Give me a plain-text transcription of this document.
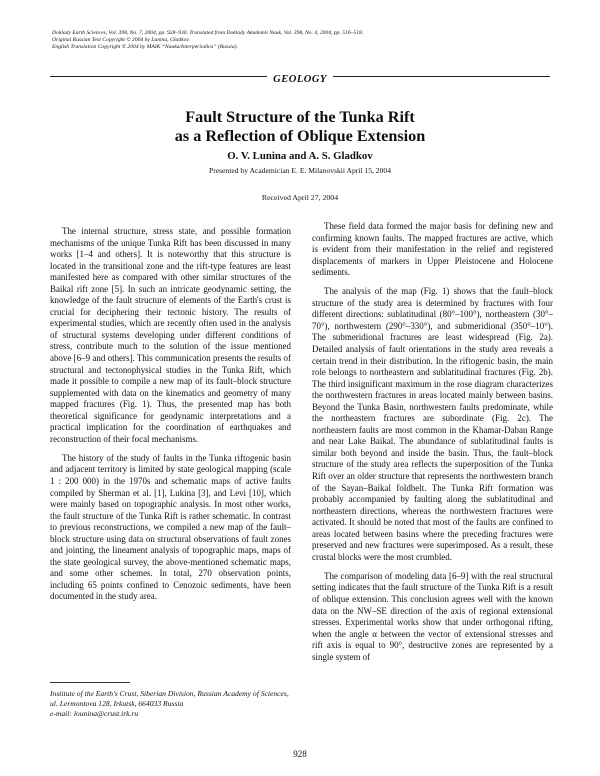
Doklady Earth Sciences, Vol. 398, No. 7, 2004, pp. 928–930. Translated from Doklady Akademii Nauk, Vol. 398, No. 4, 2004, pp. 516–518.
Original Russian Text Copyright © 2004 by Lunina, Gladkov.
English Translation Copyright © 2004 by MAIK “Nauka/Interperiodica” (Russia).
GEOLOGY
Fault Structure of the Tunka Rift
as a Reflection of Oblique Extension
O. V. Lunina and A. S. Gladkov
Presented by Academician E. E. Milanovskii April 15, 2004
Received April 27, 2004

The internal structure, stress state, and possible formation mechanisms of the unique Tunka Rift has been discussed in many works [1–4 and others]. It is noteworthy that this structure is located in the transitional zone and the rift-type features are least manifested here as compared with other similar structures of the Baikal rift zone [5]. In such an intricate geodynamic setting, the knowledge of the fault structure of elements of the Earth's crust is crucial for deciphering their tectonic history. The results of experimental studies, which are recently often used in the analysis of structural systems developing under different conditions of stress, contribute much to the solution of the issue mentioned above [6–9 and others]. This communication presents the results of structural and tectonophysical studies in the Tunka Rift, which made it possible to compile a new map of its fault–block structure supplemented with data on the kinematics and geometry of many mapped fractures (Fig. 1). Thus, the presented map has both theoretical significance for geodynamic interpretations and a practical implication for the coordination of earthquakes and reconstruction of their focal mechanisms.

The history of the study of faults in the Tunka riftogenic basin and adjacent territory is limited by state geological mapping (scale 1 : 200 000) in the 1970s and schematic maps of active faults compiled by Sherman et al. [1], Lukina [3], and Levi [10], which were mainly based on topographic analysis. In most other works, the fault structure of the Tunka Rift is rather schematic. In contrast to previous reconstructions, we compiled a new map of the fault–block structure using data on structural observations of fault zones and jointing, the lineament analysis of topographic maps, maps of the state geological survey, the above-mentioned schematic maps, and some other schemes. In total, 270 observation points, including 65 points confined to Cenozoic sediments, have been documented in the study area.

These field data formed the major basis for defining new and confirming known faults. The mapped fractures are active, which is evident from their manifestation in the relief and registered displacements of markers in Upper Pleistocene and Holocene sediments.

The analysis of the map (Fig. 1) shows that the fault–block structure of the study area is determined by fractures with four different directions: sublatitudinal (80°–100°), northeastern (30°–70°), northwestern (290°–330°), and submeridional (350°–10°). The submeridional fractures are least widespread (Fig. 2a). Detailed analysis of fault orientations in the study area reveals a certain trend in their distribution. In the riftogenic basin, the main role belongs to northeastern and sublatitudinal fractures (Fig. 2b). The third insignificant maximum in the rose diagram characterizes the northwestern fractures in areas located mainly between basins. Beyond the Tunka Basin, northwestern faults predominate, while the northeastern fractures are subordinate (Fig. 2c). The northeastern faults are most common in the Khamar-Daban Range and near Lake Baikal. The abundance of sublatitudinal faults is similar both beyond and inside the basin. Thus, the fault–block structure of the study area reflects the superposition of the Tunka Rift over an older structure that represents the northwestern branch of the Sayan–Baikal foldbelt. The Tunka Rift formation was probably accompanied by faulting along the sublatitudinal and northeastern directions, whereas the northwestern fractures were activated. It should be noted that most of the faults are confined to areas located between basins where the preceding fractures were preserved and new fractures were superimposed. As a result, these crustal blocks were the most crumbled.

The comparison of modeling data [6–9] with the real structural setting indicates that the fault structure of the Tunka Rift is a result of oblique extension. This conclusion agrees well with the known data on the NW–SE direction of the axis of regional extensional stresses. Experimental works show that under orthogonal rifting, when the angle α between the vector of extensional stresses and rift axis is equal to 90°, destructive zones are represented by a single system of

Institute of the Earth's Crust, Siberian Division, Russian Academy of Sciences, ul. Lermontova 128, Irkutsk, 664033 Russia
e-mail: lounina@crust.irk.ru
928
